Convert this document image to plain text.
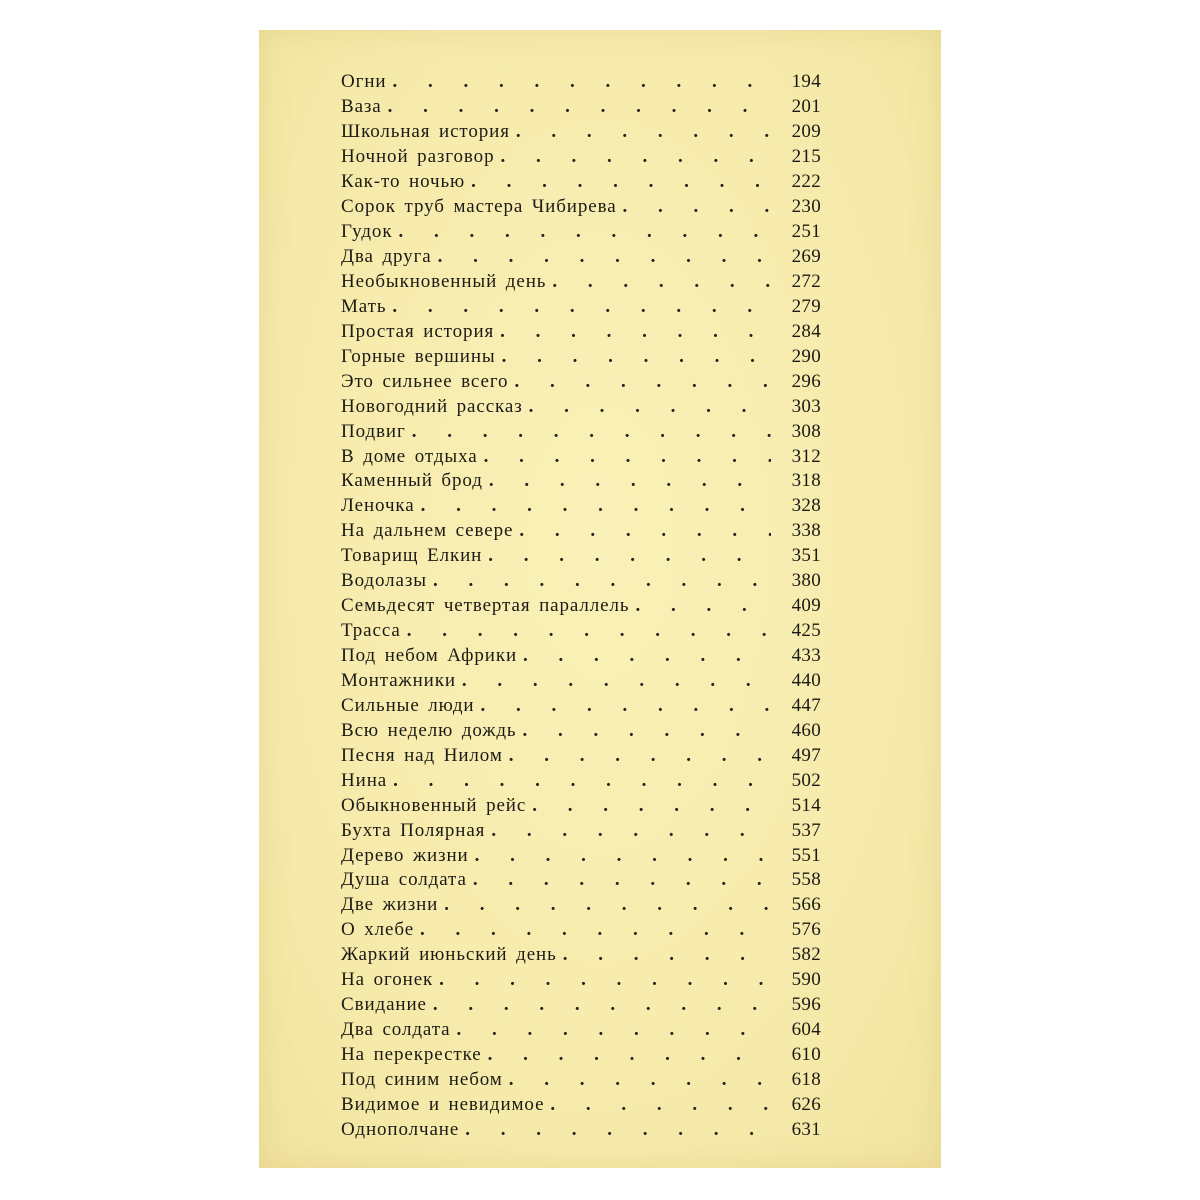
Огни . . .	194
Ваза . . .	201
Школьная история . . .	209
Ночной разговор . . .	215
Как-то ночью . . .	222
Сорок труб мастера Чибирева . . .	230
Гудок . . .	251
Два друга . . .	269
Необыкновенный день . . .	272
Мать . . .	279
Простая история . . .	284
Горные вершины . . .	290
Это сильнее всего . . .	296
Новогодний рассказ . . .	303
Подвиг . . .	308
В доме отдыха . . .	312
Каменный брод . . .	318
Леночка . . .	328
На дальнем севере . . .	338
Товарищ Елкин . . .	351
Водолазы . . .	380
Семьдесят четвертая параллель . . .	409
Трасса . . .	425
Под небом Африки . . .	433
Монтажники . . .	440
Сильные люди . . .	447
Всю неделю дождь . . .	460
Песня над Нилом . . .	497
Нина . . .	502
Обыкновенный рейс . . .	514
Бухта Полярная . . .	537
Дерево жизни . . .	551
Душа солдата . . .	558
Две жизни . . .	566
О хлебе . . .	576
Жаркий июньский день . . .	582
На огонек . . .	590
Свидание . . .	596
Два солдата . . .	604
На перекрестке . . .	610
Под синим небом . . .	618
Видимое и невидимое . . .	626
Однополчане . . .	631
